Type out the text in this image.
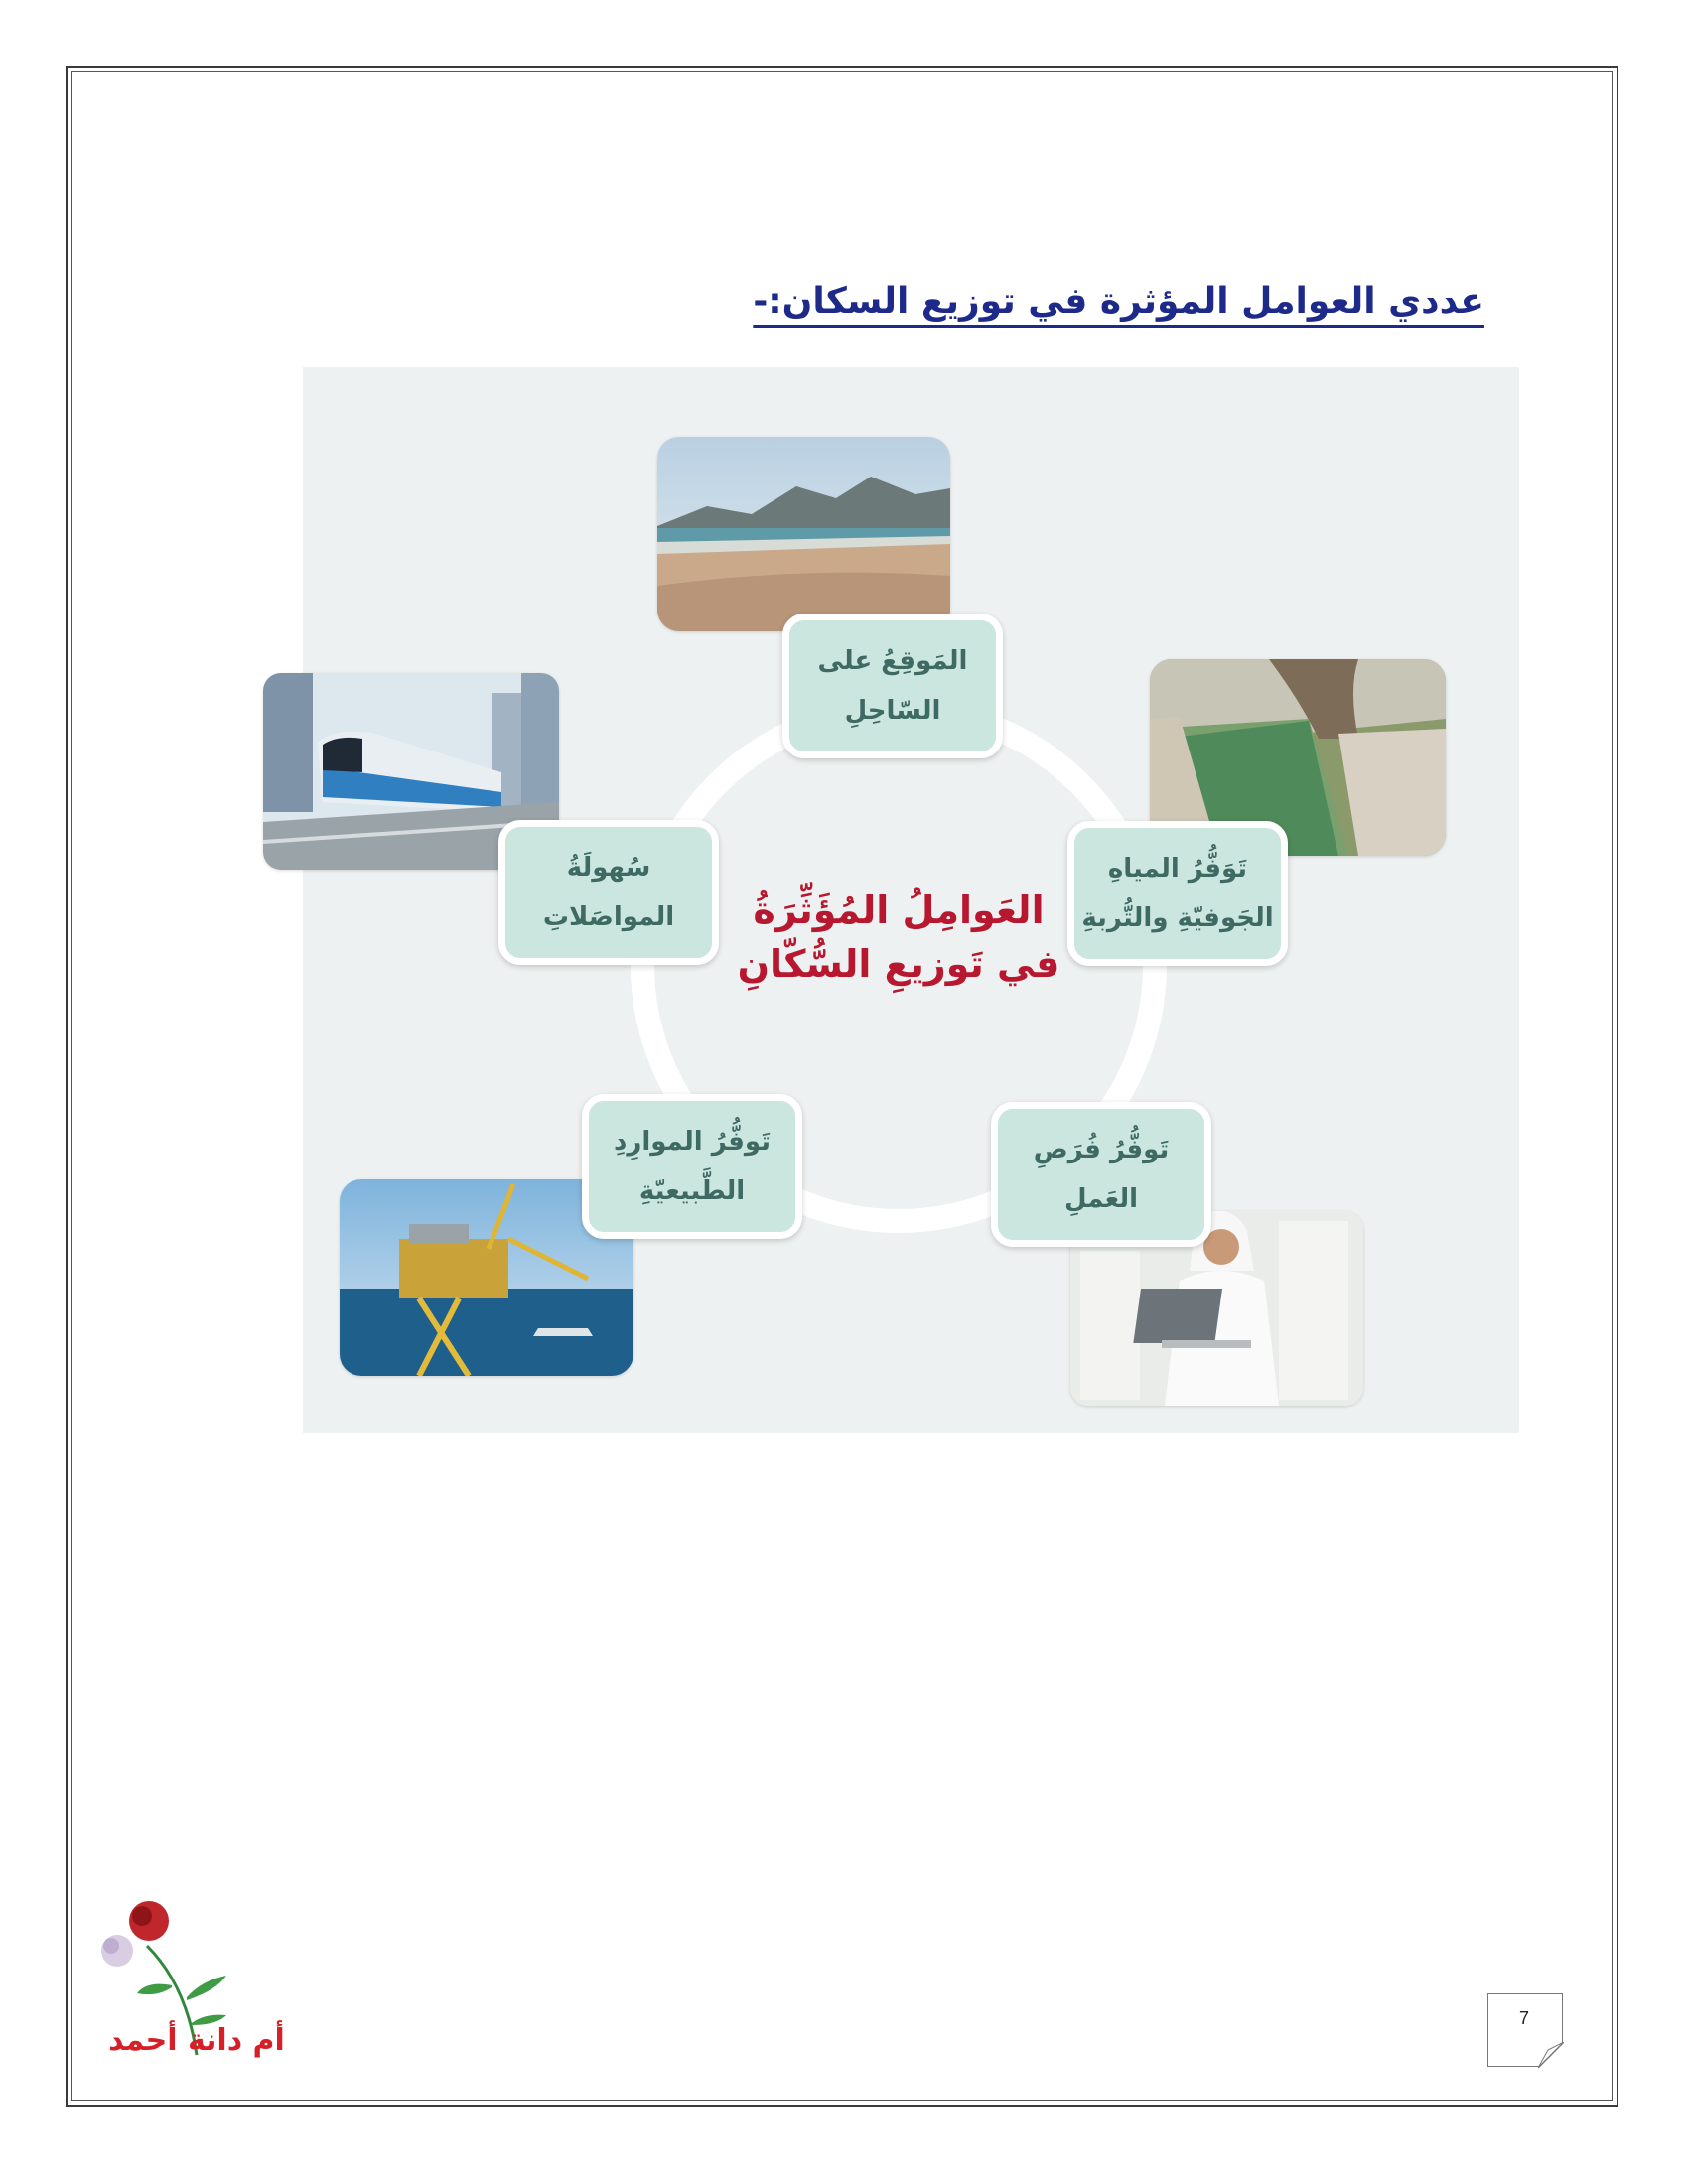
عددي العوامل المؤثرة في توزيع السكان:-
العَوامِلُ المُؤَثِّرَةُ
في تَوزيعِ السُّكّانِ
المَوقِعُ على
السّاحِلِ
تَوَفُّرُ المياهِ
الجَوفيّةِ والتُّربةِ
تَوفُّرُ فُرَصِ
العَملِ
تَوفُّرُ الموارِدِ
الطَّبيعيّةِ
سُهولَةُ
المواصَلاتِ
أم دانة أحمد
7
